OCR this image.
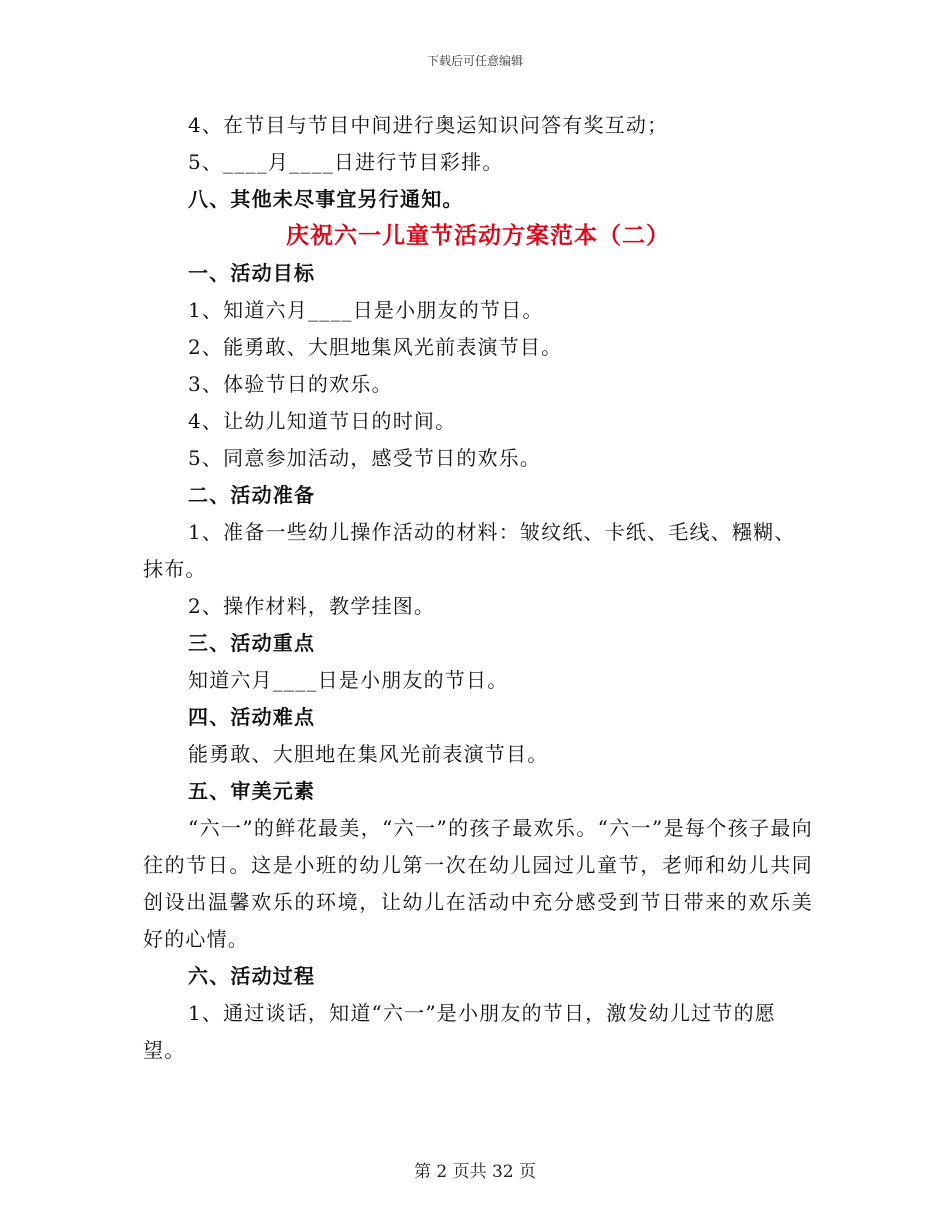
下载后可任意编辑

4、在节目与节目中间进行奥运知识问答有奖互动；

5、____月____日进行节目彩排。

八、其他未尽事宜另行通知。

庆祝六一儿童节活动方案范本（二）

一、活动目标

1、知道六月____日是小朋友的节日。

2、能勇敢、大胆地集风光前表演节目。

3、体验节日的欢乐。

4、让幼儿知道节日的时间。

5、同意参加活动，感受节日的欢乐。

二、活动准备

1、准备一些幼儿操作活动的材料：皱纹纸、卡纸、毛线、糨糊、抹布。

2、操作材料，教学挂图。

三、活动重点

知道六月____日是小朋友的节日。

四、活动难点

能勇敢、大胆地在集风光前表演节目。

五、审美元素

“六一”的鲜花最美，“六一”的孩子最欢乐。“六一”是每个孩子最向往的节日。这是小班的幼儿第一次在幼儿园过儿童节，老师和幼儿共同创设出温馨欢乐的环境，让幼儿在活动中充分感受到节日带来的欢乐美好的心情。

六、活动过程

1、通过谈话，知道“六一”是小朋友的节日，激发幼儿过节的愿望。

第 2 页共 32 页
